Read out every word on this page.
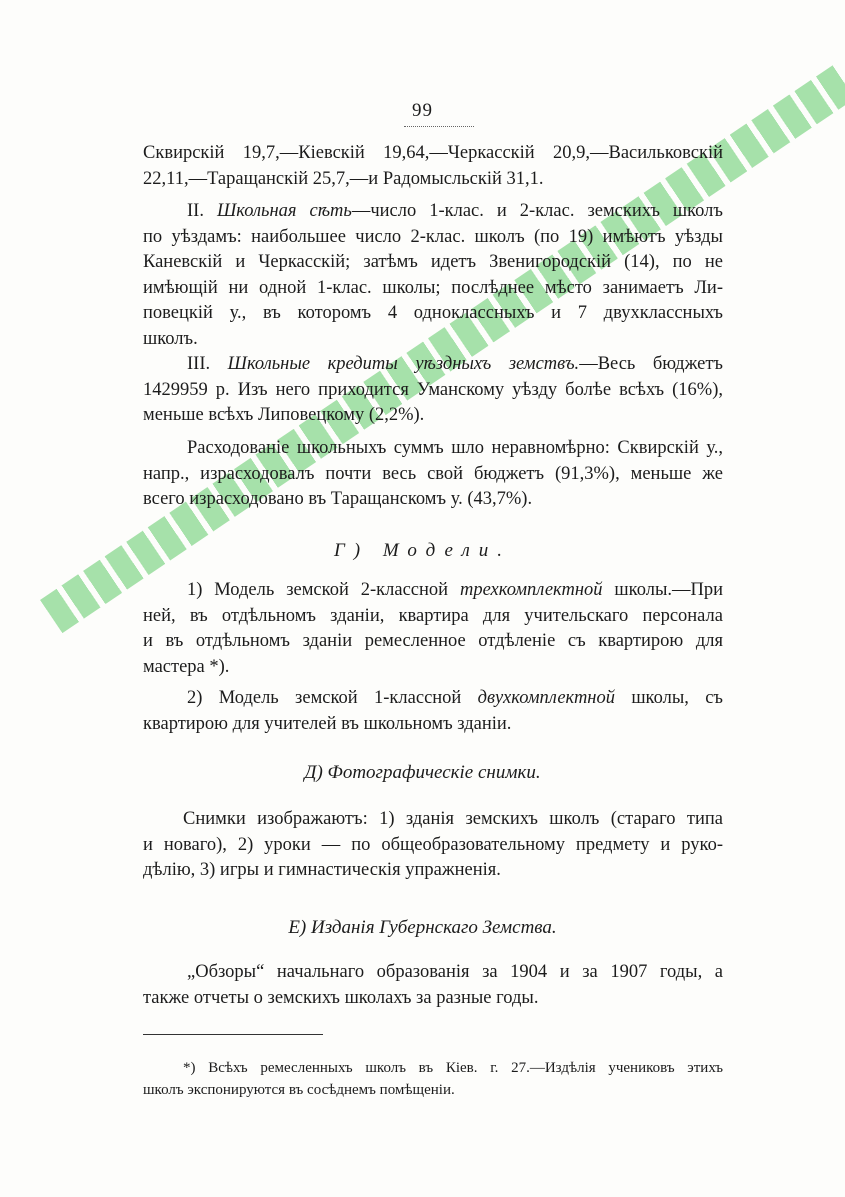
99
Сквирскій 19,7,—Кіевскій 19,64,—Черкасскій 20,9,—Васильковскій
22,11,—Таращанскій 25,7,—и Радомысльскій 31,1.
II. Школьная сѣть—число 1-клас. и 2-клас. земскихъ школъ
по уѣздамъ: наибольшее число 2-клас. школъ (по 19) имѣютъ уѣзды
Каневскій и Черкасскій; затѣмъ идетъ Звенигородскій (14), по не
имѣющій ни одной 1-клас. школы; послѣднее мѣсто занимаетъ Ли-
повецкій у., въ которомъ 4 одноклассныхъ и 7 двухклассныхъ
школъ.
III. Школьные кредиты уѣздныхъ земствъ.—Весь бюджетъ
1429959 р. Изъ него приходится Уманскому уѣзду болѣе всѣхъ (16%),
меньше всѣхъ Липовецкому (2,2%).
Расходованіе школьныхъ суммъ шло неравномѣрно: Сквирскій у.,
напр., израсходовалъ почти весь свой бюджетъ (91,3%), меньше же
всего израсходовано въ Таращанскомъ у. (43,7%).
Г) Модели.
1) Модель земской 2-классной трехкомплектной школы.—При
ней, въ отдѣльномъ зданіи, квартира для учительскаго персонала
и въ отдѣльномъ зданіи ремесленное отдѣленіе съ квартирою для
мастера *).
2) Модель земской 1-классной двухкомплектной школы, съ
квартирою для учителей въ школьномъ зданіи.
Д) Фотографическіе снимки.
Снимки изображаютъ: 1) зданія земскихъ школъ (стараго типа
и новаго), 2) уроки — по общеобразовательному предмету и руко-
дѣлію, 3) игры и гимнастическія упражненія.
Е) Изданія Губернскаго Земства.
„Обзоры“ начальнаго образованія за 1904 и за 1907 годы, а
также отчеты о земскихъ школахъ за разные годы.
*) Всѣхъ ремесленныхъ школъ въ Кіев. г. 27.—Издѣлія учениковъ этихъ
школъ экспонируются въ сосѣднемъ помѣщеніи.
